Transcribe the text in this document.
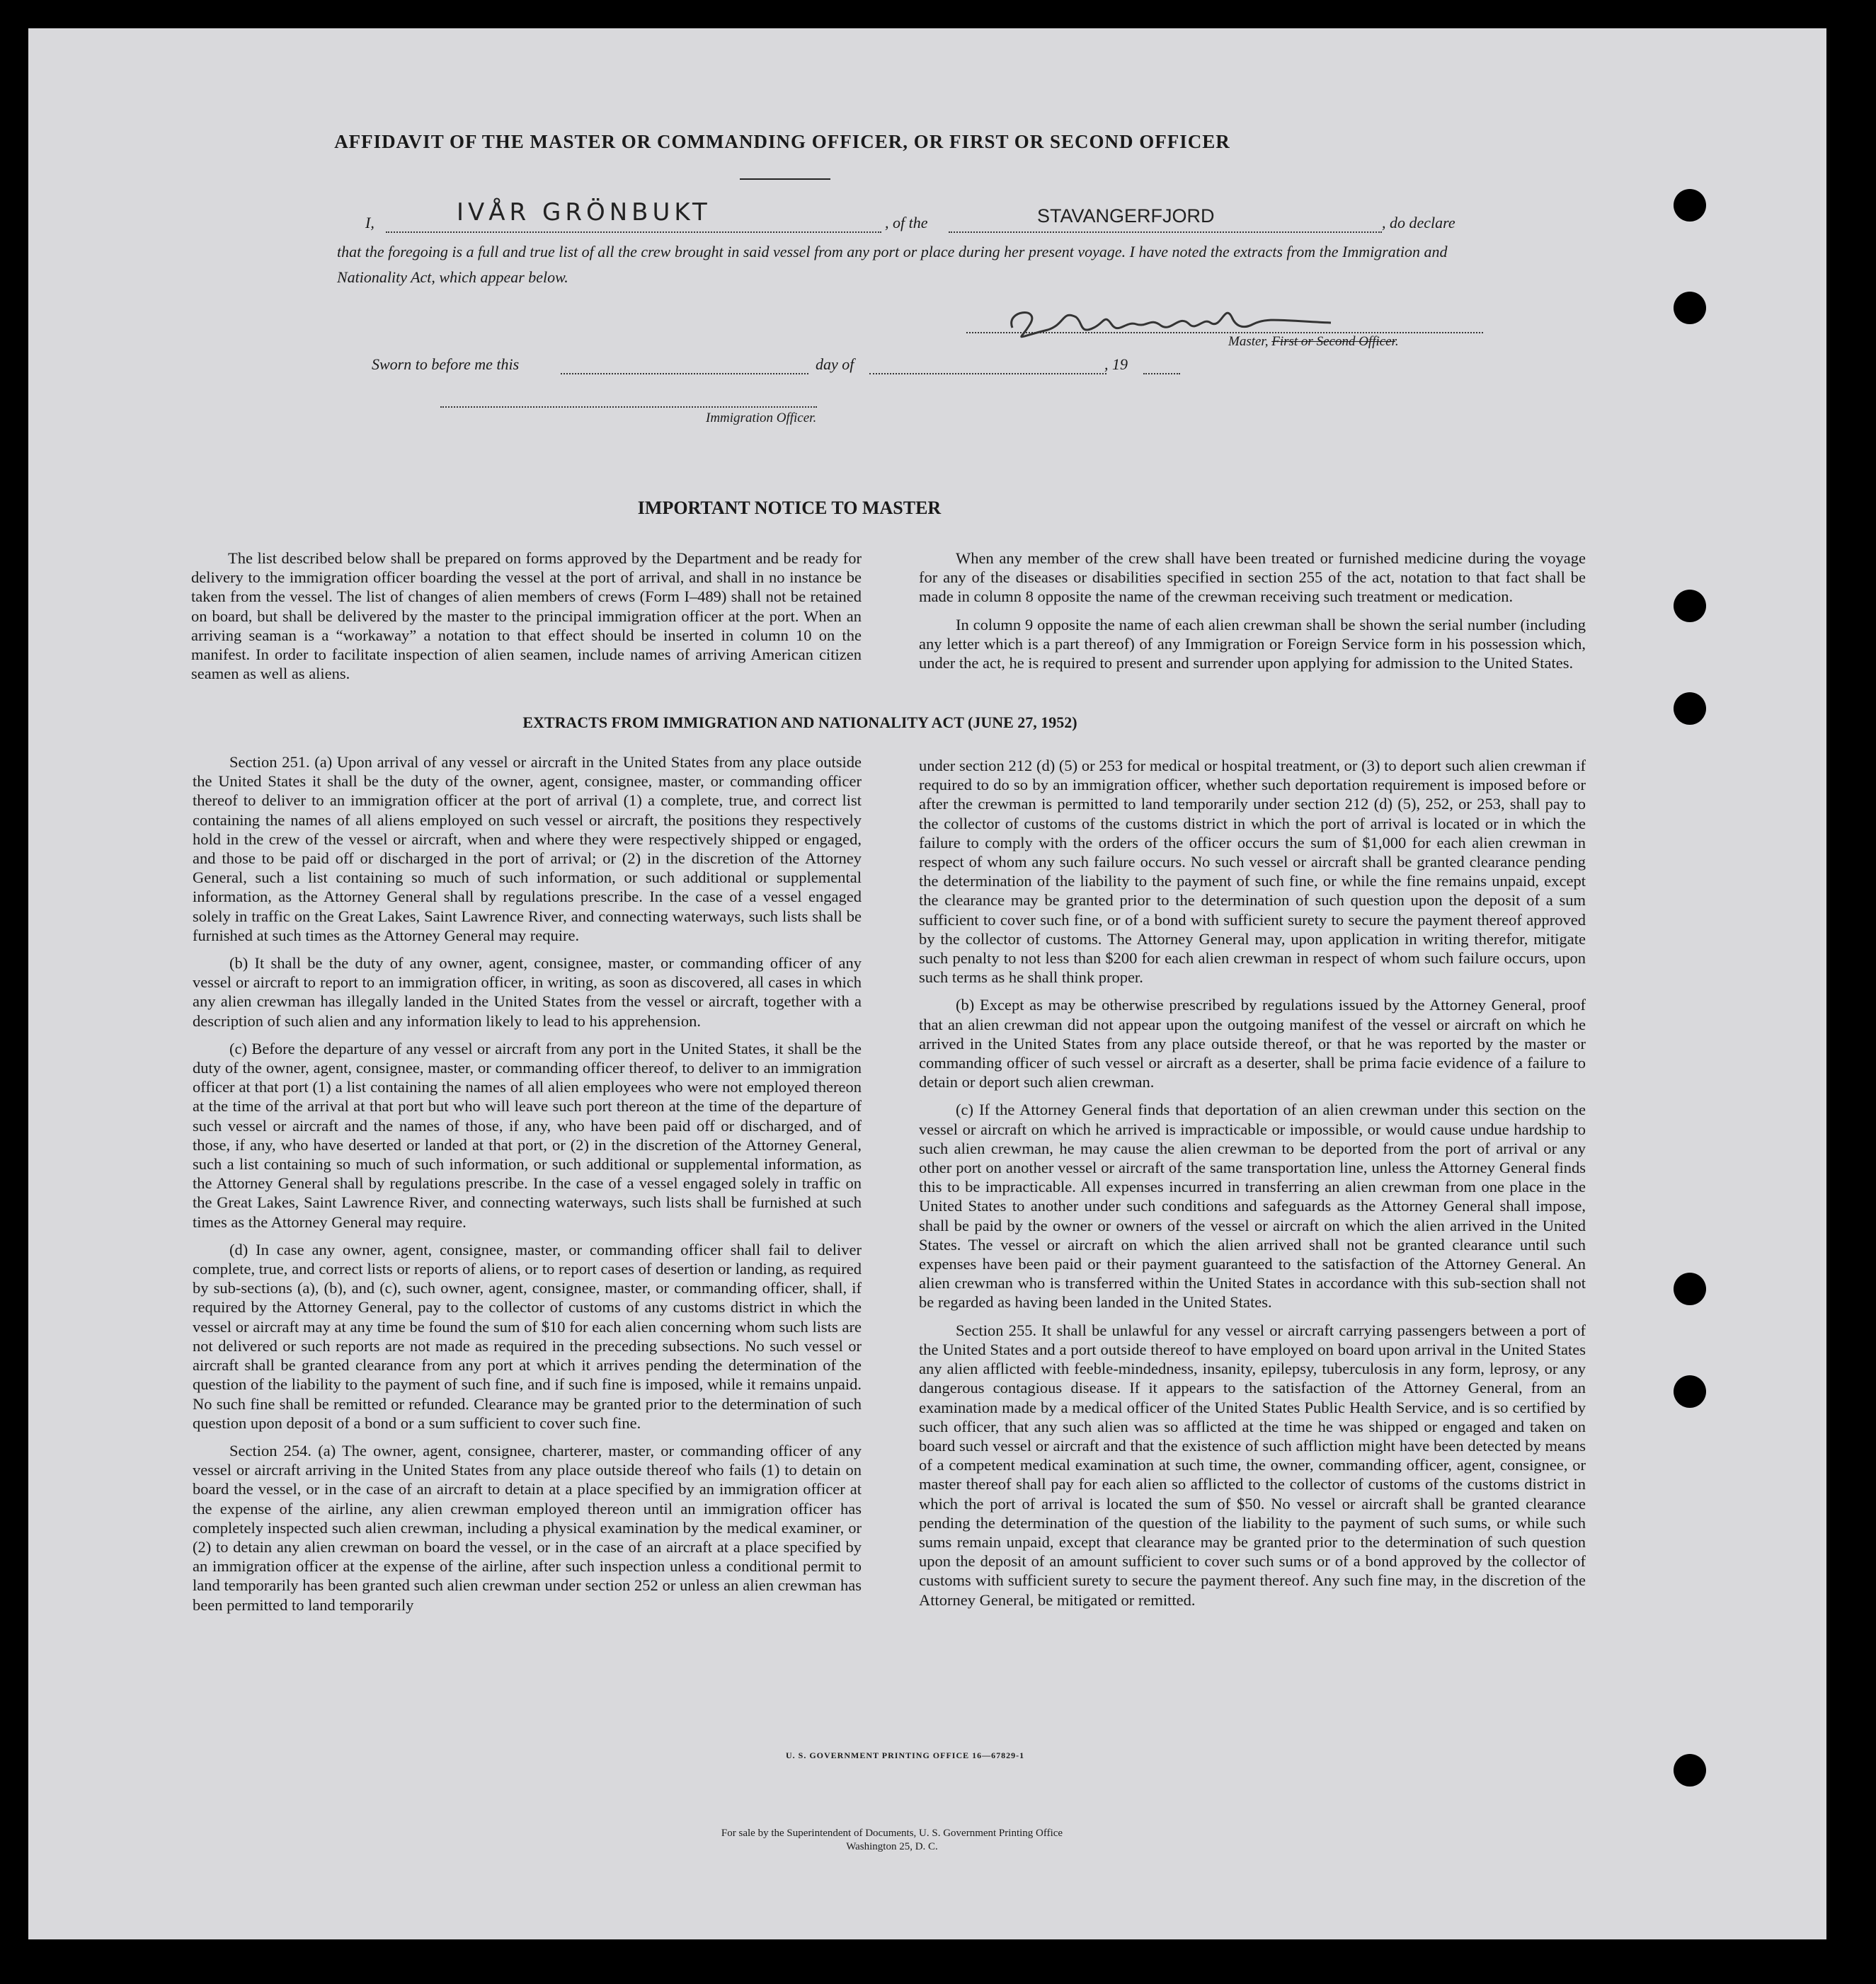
AFFIDAVIT OF THE MASTER OR COMMANDING OFFICER, OR FIRST OR SECOND OFFICER
I,	IVÅR GRÖNBUKT	, of the	STAVANGERFJORD	, do declare
that the foregoing is a full and true list of all the crew brought in said vessel from any port or place during her present voyage. I have noted the extracts from the Immigration and Nationality Act, which appear below.
Master, First or Second Officer.
Sworn to before me this	day of	, 19
Immigration Officer.
IMPORTANT NOTICE TO MASTER

The list described below shall be prepared on forms approved by the Department and be ready for delivery to the immigration officer boarding the vessel at the port of arrival, and shall in no instance be taken from the vessel. The list of changes of alien members of crews (Form I–489) shall not be retained on board, but shall be delivered by the master to the principal immigration officer at the port. When an arriving seaman is a “workaway” a notation to that effect should be inserted in column 10 on the manifest. In order to facilitate inspection of alien seamen, include names of arriving American citizen seamen as well as aliens.

When any member of the crew shall have been treated or furnished medicine during the voyage for any of the diseases or disabilities specified in section 255 of the act, notation to that fact shall be made in column 8 opposite the name of the crewman receiving such treatment or medication.

In column 9 opposite the name of each alien crewman shall be shown the serial number (including any letter which is a part thereof) of any Immigration or Foreign Service form in his possession which, under the act, he is required to present and surrender upon applying for admission to the United States.

EXTRACTS FROM IMMIGRATION AND NATIONALITY ACT (JUNE 27, 1952)

Section 251. (a) Upon arrival of any vessel or aircraft in the United States from any place outside the United States it shall be the duty of the owner, agent, consignee, master, or commanding officer thereof to deliver to an immigration officer at the port of arrival (1) a complete, true, and correct list containing the names of all aliens employed on such vessel or aircraft, the positions they respectively hold in the crew of the vessel or aircraft, when and where they were respectively shipped or engaged, and those to be paid off or discharged in the port of arrival; or (2) in the discretion of the Attorney General, such a list containing so much of such information, or such additional or supplemental information, as the Attorney General shall by regulations prescribe. In the case of a vessel engaged solely in traffic on the Great Lakes, Saint Lawrence River, and connecting waterways, such lists shall be furnished at such times as the Attorney General may require.

(b) It shall be the duty of any owner, agent, consignee, master, or commanding officer of any vessel or aircraft to report to an immigration officer, in writing, as soon as discovered, all cases in which any alien crewman has illegally landed in the United States from the vessel or aircraft, together with a description of such alien and any information likely to lead to his apprehension.

(c) Before the departure of any vessel or aircraft from any port in the United States, it shall be the duty of the owner, agent, consignee, master, or commanding officer thereof, to deliver to an immigration officer at that port (1) a list containing the names of all alien employees who were not employed thereon at the time of the arrival at that port but who will leave such port thereon at the time of the departure of such vessel or aircraft and the names of those, if any, who have been paid off or discharged, and of those, if any, who have deserted or landed at that port, or (2) in the discretion of the Attorney General, such a list containing so much of such information, or such additional or supplemental information, as the Attorney General shall by regulations prescribe. In the case of a vessel engaged solely in traffic on the Great Lakes, Saint Lawrence River, and connecting waterways, such lists shall be furnished at such times as the Attorney General may require.

(d) In case any owner, agent, consignee, master, or commanding officer shall fail to deliver complete, true, and correct lists or reports of aliens, or to report cases of desertion or landing, as required by sub-sections (a), (b), and (c), such owner, agent, consignee, master, or commanding officer, shall, if required by the Attorney General, pay to the collector of customs of any customs district in which the vessel or aircraft may at any time be found the sum of $10 for each alien concerning whom such lists are not delivered or such reports are not made as required in the preceding subsections. No such vessel or aircraft shall be granted clearance from any port at which it arrives pending the determination of the question of the liability to the payment of such fine, and if such fine is imposed, while it remains unpaid. No such fine shall be remitted or refunded. Clearance may be granted prior to the determination of such question upon deposit of a bond or a sum sufficient to cover such fine.

Section 254. (a) The owner, agent, consignee, charterer, master, or commanding officer of any vessel or aircraft arriving in the United States from any place outside thereof who fails (1) to detain on board the vessel, or in the case of an aircraft to detain at a place specified by an immigration officer at the expense of the airline, any alien crewman employed thereon until an immigration officer has completely inspected such alien crewman, including a physical examination by the medical examiner, or (2) to detain any alien crewman on board the vessel, or in the case of an aircraft at a place specified by an immigration officer at the expense of the airline, after such inspection unless a conditional permit to land temporarily has been granted such alien crewman under section 252 or unless an alien crewman has been permitted to land temporarily

under section 212 (d) (5) or 253 for medical or hospital treatment, or (3) to deport such alien crewman if required to do so by an immigration officer, whether such deportation requirement is imposed before or after the crewman is permitted to land temporarily under section 212 (d) (5), 252, or 253, shall pay to the collector of customs of the customs district in which the port of arrival is located or in which the failure to comply with the orders of the officer occurs the sum of $1,000 for each alien crewman in respect of whom any such failure occurs. No such vessel or aircraft shall be granted clearance pending the determination of the liability to the payment of such fine, or while the fine remains unpaid, except the clearance may be granted prior to the determination of such question upon the deposit of a sum sufficient to cover such fine, or of a bond with sufficient surety to secure the payment thereof approved by the collector of customs. The Attorney General may, upon application in writing therefor, mitigate such penalty to not less than $200 for each alien crewman in respect of whom such failure occurs, upon such terms as he shall think proper.

(b) Except as may be otherwise prescribed by regulations issued by the Attorney General, proof that an alien crewman did not appear upon the outgoing manifest of the vessel or aircraft on which he arrived in the United States from any place outside thereof, or that he was reported by the master or commanding officer of such vessel or aircraft as a deserter, shall be prima facie evidence of a failure to detain or deport such alien crewman.

(c) If the Attorney General finds that deportation of an alien crewman under this section on the vessel or aircraft on which he arrived is impracticable or impossible, or would cause undue hardship to such alien crewman, he may cause the alien crewman to be deported from the port of arrival or any other port on another vessel or aircraft of the same transportation line, unless the Attorney General finds this to be impracticable. All expenses incurred in transferring an alien crewman from one place in the United States to another under such conditions and safeguards as the Attorney General shall impose, shall be paid by the owner or owners of the vessel or aircraft on which the alien arrived in the United States. The vessel or aircraft on which the alien arrived shall not be granted clearance until such expenses have been paid or their payment guaranteed to the satisfaction of the Attorney General. An alien crewman who is transferred within the United States in accordance with this sub-section shall not be regarded as having been landed in the United States.

Section 255. It shall be unlawful for any vessel or aircraft carrying passengers between a port of the United States and a port outside thereof to have employed on board upon arrival in the United States any alien afflicted with feeble-mindedness, insanity, epilepsy, tuberculosis in any form, leprosy, or any dangerous contagious disease. If it appears to the satisfaction of the Attorney General, from an examination made by a medical officer of the United States Public Health Service, and is so certified by such officer, that any such alien was so afflicted at the time he was shipped or engaged and taken on board such vessel or aircraft and that the existence of such affliction might have been detected by means of a competent medical examination at such time, the owner, commanding officer, agent, consignee, or master thereof shall pay for each alien so afflicted to the collector of customs of the customs district in which the port of arrival is located the sum of $50. No vessel or aircraft shall be granted clearance pending the determination of the question of the liability to the payment of such sums, or while such sums remain unpaid, except that clearance may be granted prior to the determination of such question upon the deposit of an amount sufficient to cover such sums or of a bond approved by the collector of customs with sufficient surety to secure the payment thereof. Any such fine may, in the discretion of the Attorney General, be mitigated or remitted.

U. S. GOVERNMENT PRINTING OFFICE 16—67829-1
For sale by the Superintendent of Documents, U. S. Government Printing Office
Washington 25, D. C.
